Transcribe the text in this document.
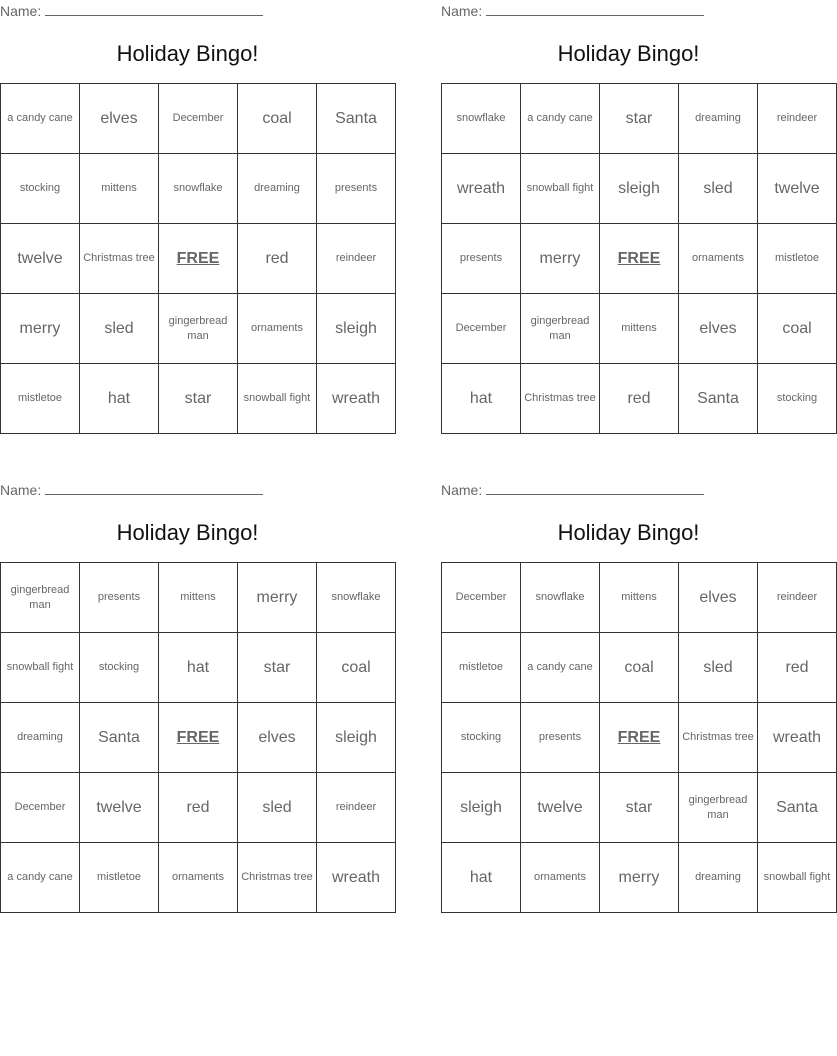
Name:
Holiday Bingo!
a candy cane	elves	December	coal	Santa
stocking	mittens	snowflake	dreaming	presents
twelve	Christmas tree	FREE	red	reindeer
merry	sled	gingerbread man	ornaments	sleigh
mistletoe	hat	star	snowball fight	wreath
Name:
Holiday Bingo!
snowflake	a candy cane	star	dreaming	reindeer
wreath	snowball fight	sleigh	sled	twelve
presents	merry	FREE	ornaments	mistletoe
December	gingerbread man	mittens	elves	coal
hat	Christmas tree	red	Santa	stocking
Name:
Holiday Bingo!
gingerbread man	presents	mittens	merry	snowflake
snowball fight	stocking	hat	star	coal
dreaming	Santa	FREE	elves	sleigh
December	twelve	red	sled	reindeer
a candy cane	mistletoe	ornaments	Christmas tree	wreath
Name:
Holiday Bingo!
December	snowflake	mittens	elves	reindeer
mistletoe	a candy cane	coal	sled	red
stocking	presents	FREE	Christmas tree	wreath
sleigh	twelve	star	gingerbread man	Santa
hat	ornaments	merry	dreaming	snowball fight
